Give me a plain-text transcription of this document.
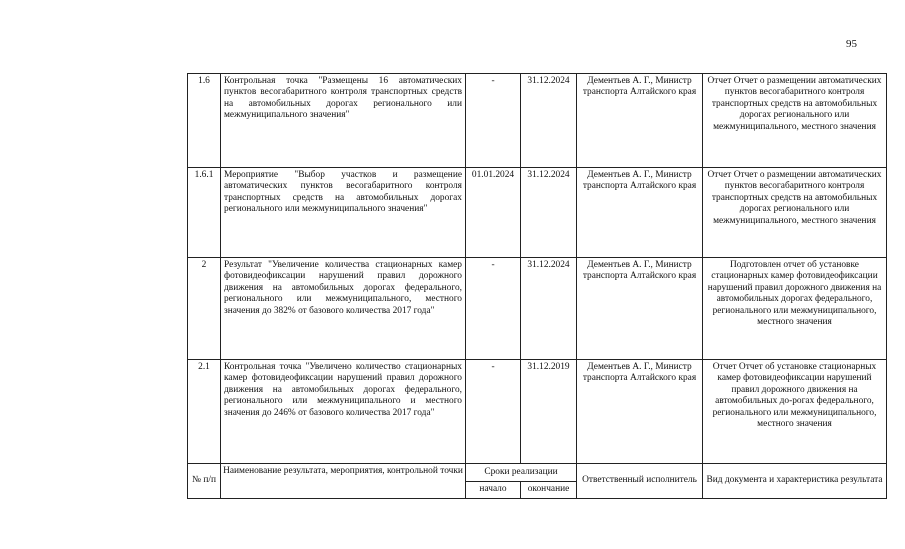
95
1.6	Контрольная точка "Размещены 16 автоматических пунктов весогабаритного контроля транспортных средств на автомобильных дорогах регионального или межмуниципального значения"	-	31.12.2024	Дементьев А. Г., Министр транспорта Алтайского края	Отчет Отчет о размещении автоматических пунктов весогабаритного контроля транспортных средств на автомобильных дорогах регионального или межмуниципального, местного значения
1.6.1	Мероприятие "Выбор участков и размещение автоматических пунктов весогабаритного контроля транспортных средств на автомобильных дорогах регионального или межмуниципального значения"	01.01.2024	31.12.2024	Дементьев А. Г., Министр транспорта Алтайского края	Отчет Отчет о размещении автоматических пунктов весогабаритного контроля транспортных средств на автомобильных дорогах регионального или межмуниципального, местного значения
2	Результат "Увеличение количества стационарных камер фотовидеофиксации нарушений правил дорожного движения на автомобильных дорогах федерального, регионального или межмуниципального, местного значения до 382% от базового количества 2017 года"	-	31.12.2024	Дементьев А. Г., Министр транспорта Алтайского края	Подготовлен отчет об установке стационарных камер фотовидеофиксации нарушений правил дорожного движения на автомобильных дорогах федерального, регионального или межмуниципального, местного значения
2.1	Контрольная точка "Увеличено количество стационарных камер фотовидеофиксации нарушений правил дорожного движения на автомобильных дорогах федерального, регионального или межмуниципального и местного значения до 246% от базового количества 2017 года"	-	31.12.2019	Дементьев А. Г., Министр транспорта Алтайского края	Отчет Отчет об установке стационарных камер фотовидеофиксации нарушений правил дорожного движения на автомобильных до-рогах федерального, регионального или межмуниципального, местного значения
№ п/п	Наименование результата, мероприятия, контрольной точки	Сроки реализации		Ответственный исполнитель	Вид документа и характеристика результата
		начало	окончание		
